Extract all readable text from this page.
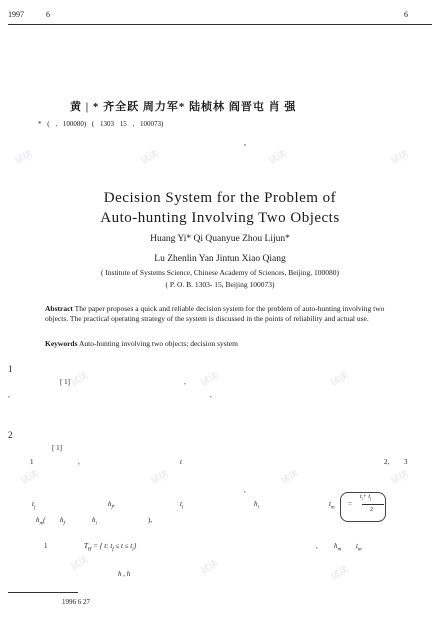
1997	6	6
黄 | * 齐全跃 周力军* 陆桢林 阎晋屯 肖 强
* ( , 100080) ( 1303 15 , 100073)
,
Decision System for the Problem of
Auto-hunting Involving Two Objects
Huang Yi* Qi Quanyue Zhou Lijun*
Lu Zhenlin Yan Jintun Xiao Qiang
( Institute of Systems Science, Chinese Academy of Sciences, Beijing, 100080)
( P. O. B. 1303- 15, Beijing 100073)
Abstract The paper proposes a quick and reliable decision system for the problem of auto-hunting involving two objects. The practical operating strategy of the system is discussed in the points of reliability and actual use.
Keywords Auto-hunting involving two objects; decision system
1
[ 1]	,
,	,
2
[ 1]
1	,	t	2, 3
,
$t_j$	$h_f$,	$t_i$	$h_i$	$t_m$ =
$t_i+ t_j$
2
$h_m$( $h_f$	$h_i$	),
1	$T_H$ = { t: $t_f \le t \le t_i$}	, $h_m$ $t_m$
h , h
1996 6 27
试读	试读	试读	试读
试读	试读	试读
试读	试读	试读	试读
试读	试读	试读
